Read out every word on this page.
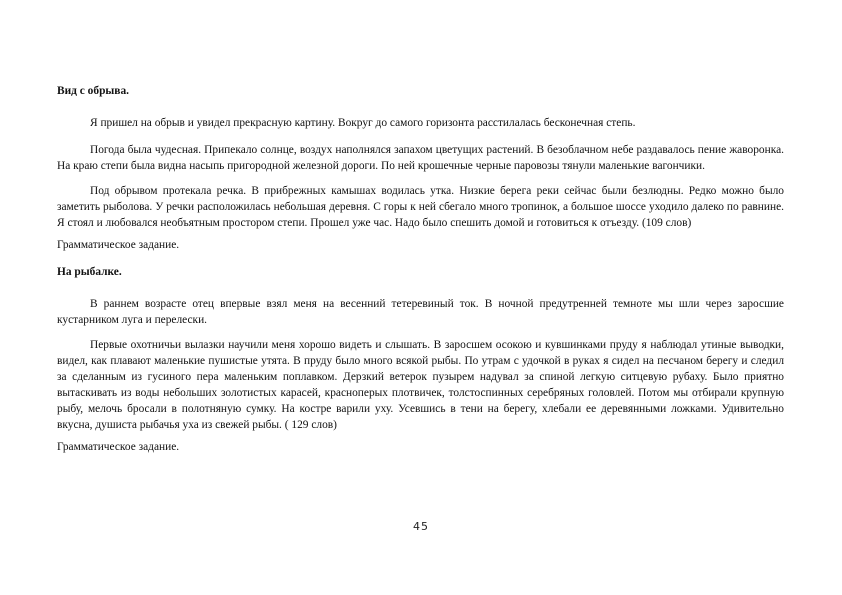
Вид с обрыва.

Я пришел на обрыв и увидел прекрасную картину. Вокруг до самого горизонта расстилалась бесконечная степь.

Погода была чудесная. Припекало солнце, воздух наполнялся запахом цветущих растений. В безоблачном небе раздавалось пение жаворонка. На краю степи была видна насыпь пригородной железной дороги. По ней крошечные черные паровозы тянули маленькие вагончики.

Под обрывом протекала речка. В прибрежных камышах водилась утка. Низкие берега реки сейчас были безлюдны. Редко можно было заметить рыболова. У речки расположилась небольшая деревня. С горы к ней сбегало много тропинок, а большое шоссе уходило далеко по равнине. Я стоял и любовался необъятным простором степи. Прошел уже час. Надо было спешить домой и готовиться к отъезду. (109 слов)

Грамматическое задание.
На рыбалке.

В раннем возрасте отец впервые взял меня на весенний тетеревиный ток. В ночной предутренней темноте мы шли через заросшие кустарником луга и перелески.

Первые охотничьи вылазки научили меня хорошо видеть и слышать. В заросшем осокою и кувшинками пруду я наблюдал утиные выводки, видел, как плавают маленькие пушистые утята. В пруду было много всякой рыбы. По утрам с удочкой в руках я сидел на песчаном берегу и следил за сделанным из гусиного пера маленьким поплавком. Дерзкий ветерок пузырем надувал за спиной легкую ситцевую рубаху. Было приятно вытаскивать из воды небольших золотистых карасей, красноперых плотвичек, толстоспинных серебряных головлей. Потом мы отбирали крупную рыбу, мелочь бросали в полотняную сумку. На костре варили уху. Усевшись в тени на берегу, хлебали ее деревянными ложками. Удивительно вкусна, душиста рыбачья уха из свежей рыбы. ( 129 слов)

Грамматическое задание.
45
